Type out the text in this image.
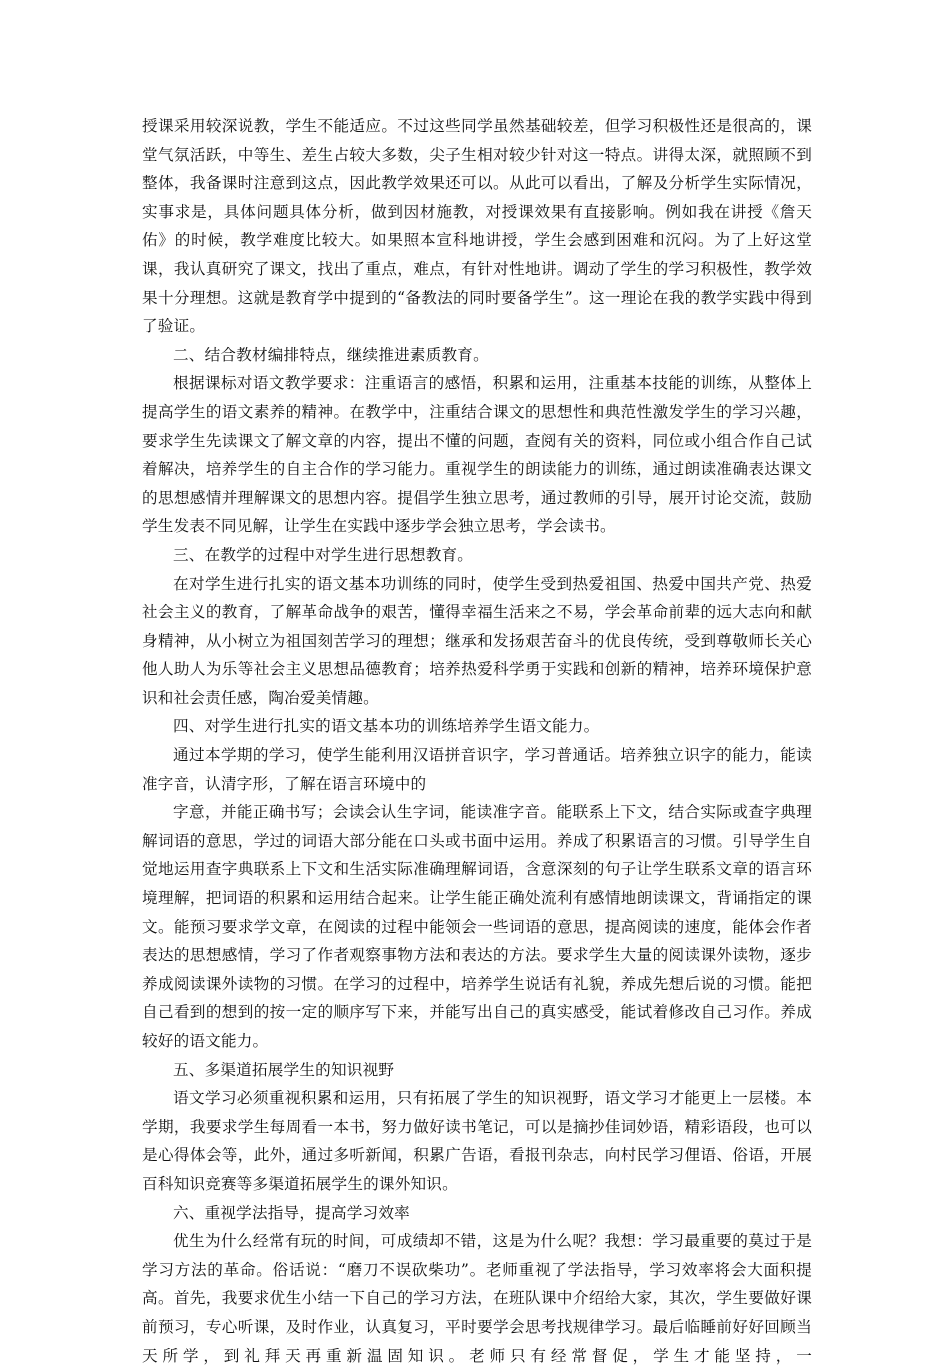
授课采用较深说教，学生不能适应。不过这些同学虽然基础较差，但学习积极性还是很高的，课堂气氛活跃，中等生、差生占较大多数，尖子生相对较少针对这一特点。讲得太深，就照顾不到整体，我备课时注意到这点，因此教学效果还可以。从此可以看出，了解及分析学生实际情况，实事求是，具体问题具体分析，做到因材施教，对授课效果有直接影响。例如我在讲授《詹天佑》的时候，教学难度比较大。如果照本宣科地讲授，学生会感到困难和沉闷。为了上好这堂课，我认真研究了课文，找出了重点，难点，有针对性地讲。调动了学生的学习积极性，教学效果十分理想。这就是教育学中提到的“备教法的同时要备学生”。这一理论在我的教学实践中得到了验证。

二、结合教材编排特点，继续推进素质教育。

根据课标对语文教学要求：注重语言的感悟，积累和运用，注重基本技能的训练，从整体上提高学生的语文素养的精神。在教学中，注重结合课文的思想性和典范性激发学生的学习兴趣，要求学生先读课文了解文章的内容，提出不懂的问题，查阅有关的资料，同位或小组合作自己试着解决，培养学生的自主合作的学习能力。重视学生的朗读能力的训练，通过朗读准确表达课文的思想感情并理解课文的思想内容。提倡学生独立思考，通过教师的引导，展开讨论交流，鼓励学生发表不同见解，让学生在实践中逐步学会独立思考，学会读书。

三、在教学的过程中对学生进行思想教育。

在对学生进行扎实的语文基本功训练的同时，使学生受到热爱祖国、热爱中国共产党、热爱社会主义的教育，了解革命战争的艰苦，懂得幸福生活来之不易，学会革命前辈的远大志向和献身精神，从小树立为祖国刻苦学习的理想；继承和发扬艰苦奋斗的优良传统，受到尊敬师长关心他人助人为乐等社会主义思想品德教育；培养热爱科学勇于实践和创新的精神，培养环境保护意识和社会责任感，陶冶爱美情趣。

四、对学生进行扎实的语文基本功的训练培养学生语文能力。

通过本学期的学习，使学生能利用汉语拼音识字，学习普通话。培养独立识字的能力，能读准字音，认清字形，了解在语言环境中的

字意，并能正确书写；会读会认生字词，能读准字音。能联系上下文，结合实际或查字典理解词语的意思，学过的词语大部分能在口头或书面中运用。养成了积累语言的习惯。引导学生自觉地运用查字典联系上下文和生活实际准确理解词语，含意深刻的句子让学生联系文章的语言环境理解，把词语的积累和运用结合起来。让学生能正确处流利有感情地朗读课文，背诵指定的课文。能预习要求学文章，在阅读的过程中能领会一些词语的意思，提高阅读的速度，能体会作者表达的思想感情，学习了作者观察事物方法和表达的方法。要求学生大量的阅读课外读物，逐步养成阅读课外读物的习惯。在学习的过程中，培养学生说话有礼貌，养成先想后说的习惯。能把自己看到的想到的按一定的顺序写下来，并能写出自己的真实感受，能试着修改自己习作。养成较好的语文能力。

五、多渠道拓展学生的知识视野

语文学习必须重视积累和运用，只有拓展了学生的知识视野，语文学习才能更上一层楼。本学期，我要求学生每周看一本书，努力做好读书笔记，可以是摘抄佳词妙语，精彩语段，也可以是心得体会等，此外，通过多听新闻，积累广告语，看报刊杂志，向村民学习俚语、俗语，开展百科知识竞赛等多渠道拓展学生的课外知识。

六、重视学法指导，提高学习效率

优生为什么经常有玩的时间，可成绩却不错，这是为什么呢？我想：学习最重要的莫过于是学习方法的革命。俗话说：“磨刀不误砍柴功”。老师重视了学法指导，学习效率将会大面积提高。首先，我要求优生小结一下自己的学习方法，在班队课中介绍给大家，其次，学生要做好课前预习，专心听课，及时作业，认真复习，平时要学会思考找规律学习。最后临睡前好好回顾当天所学，到礼拜天再重新温固知识。老师只有经常督促，学生才能坚持，一
